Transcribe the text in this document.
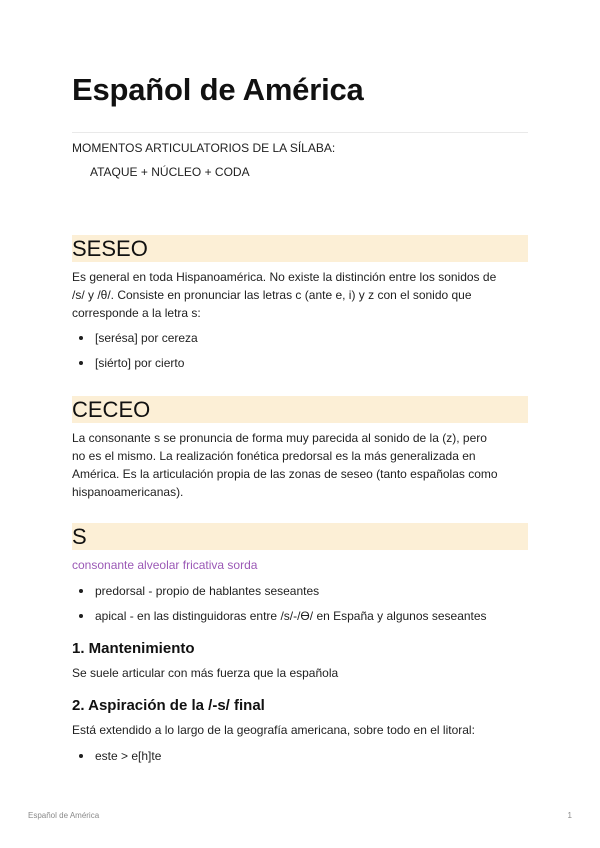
Español de América

MOMENTOS ARTICULATORIOS DE LA SÍLABA:

ATAQUE + NÚCLEO + CODA

SESEO

Es general en toda Hispanoamérica. No existe la distinción entre los sonidos de
/s/ y /θ/. Consiste en pronunciar las letras c (ante e, i) y z con el sonido que
corresponde a la letra s:

[serésa] por cereza
[siérto] por cierto
CECEO

La consonante s se pronuncia de forma muy parecida al sonido de la (z), pero
no es el mismo. La realización fonética predorsal es la más generalizada en
América. Es la articulación propia de las zonas de seseo (tanto españolas como
hispanoamericanas).

S

consonante alveolar fricativa sorda

predorsal - propio de hablantes seseantes
apical - en las distinguidoras entre /s/-/Ɵ/ en España y algunos seseantes
1. Mantenimiento

Se suele articular con más fuerza que la española

2. Aspiración de la /-s/ final

Está extendido a lo largo de la geografía americana, sobre todo en el litoral:

este > e[h]te
Español de América	1
